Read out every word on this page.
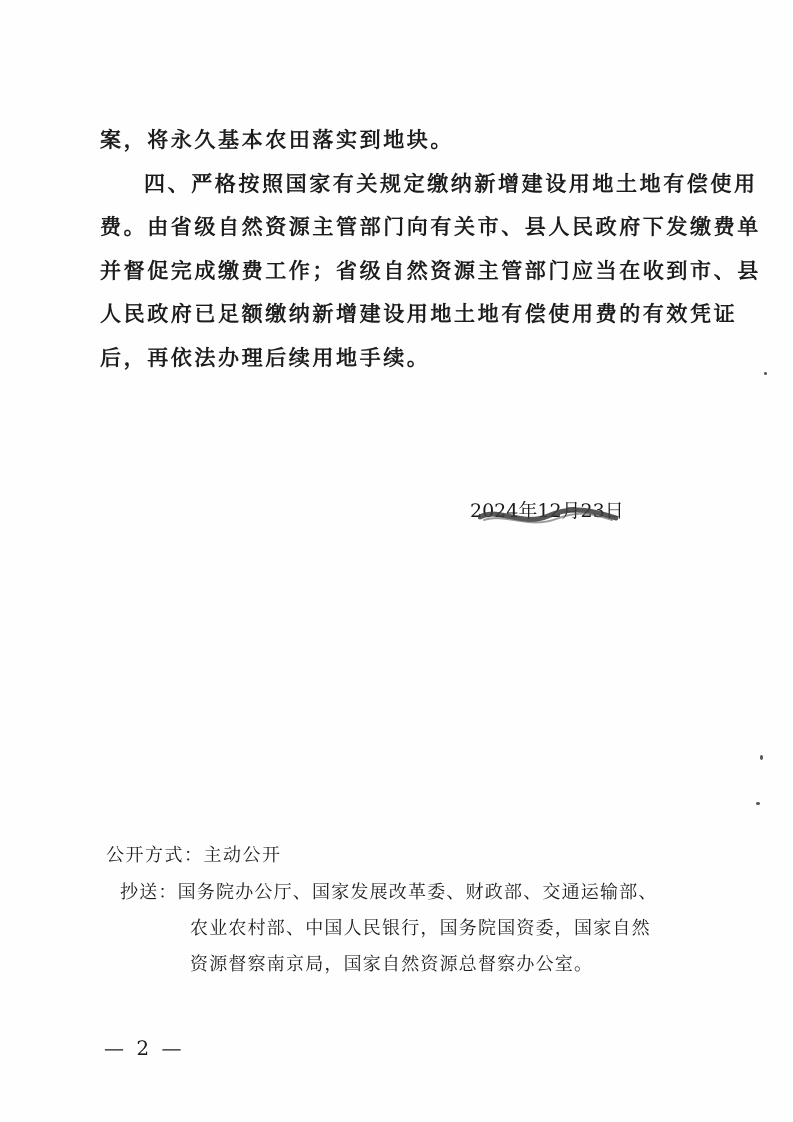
案，将永久基本农田落实到地块。

四、严格按照国家有关规定缴纳新增建设用地土地有偿使用

费。由省级自然资源主管部门向有关市、县人民政府下发缴费单

并督促完成缴费工作；省级自然资源主管部门应当在收到市、县

人民政府已足额缴纳新增建设用地土地有偿使用费的有效凭证

后，再依法办理后续用地手续。

2024年12月23日
公开方式：主动公开

抄送：国务院办公厅、国家发展改革委、财政部、交通运输部、

农业农村部、中国人民银行，国务院国资委，国家自然

资源督察南京局，国家自然资源总督察办公室。

— 2 —
